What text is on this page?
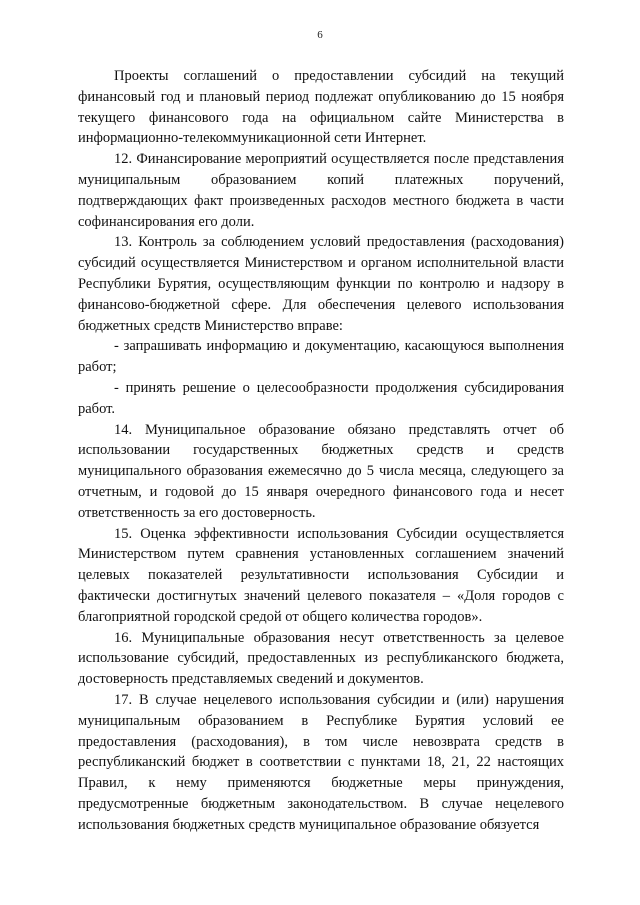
6

Проекты соглашений о предоставлении субсидий на текущий финансовый год и плановый период подлежат опубликованию до 15 ноября текущего финансового года на официальном сайте Министерства в информационно-телекоммуникационной сети Интернет.

12. Финансирование мероприятий осуществляется после представления муниципальным образованием копий платежных поручений, подтверждающих факт произведенных расходов местного бюджета в части софинансирования его доли.

13. Контроль за соблюдением условий предоставления (расходования) субсидий осуществляется Министерством и органом исполнительной власти Республики Бурятия, осуществляющим функции по контролю и надзору в финансово-бюджетной сфере. Для обеспечения целевого использования бюджетных средств Министерство вправе:

- запрашивать информацию и документацию, касающуюся выполнения работ;

- принять решение о целесообразности продолжения субсидирования работ.

14. Муниципальное образование обязано представлять отчет об использовании государственных бюджетных средств и средств муниципального образования ежемесячно до 5 числа месяца, следующего за отчетным, и годовой до 15 января очередного финансового года и несет ответственность за его достоверность.

15. Оценка эффективности использования Субсидии осуществляется Министерством путем сравнения установленных соглашением значений целевых показателей результативности использования Субсидии и фактически достигнутых значений целевого показателя – «Доля городов с благоприятной городской средой от общего количества городов».

16. Муниципальные образования несут ответственность за целевое использование субсидий, предоставленных из республиканского бюджета, достоверность представляемых сведений и документов.

17. В случае нецелевого использования субсидии и (или) нарушения муниципальным образованием в Республике Бурятия условий ее предоставления (расходования), в том числе невозврата средств в республиканский бюджет в соответствии с пунктами 18, 21, 22 настоящих Правил, к нему применяются бюджетные меры принуждения, предусмотренные бюджетным законодательством. В случае нецелевого использования бюджетных средств муниципальное образование обязуется
